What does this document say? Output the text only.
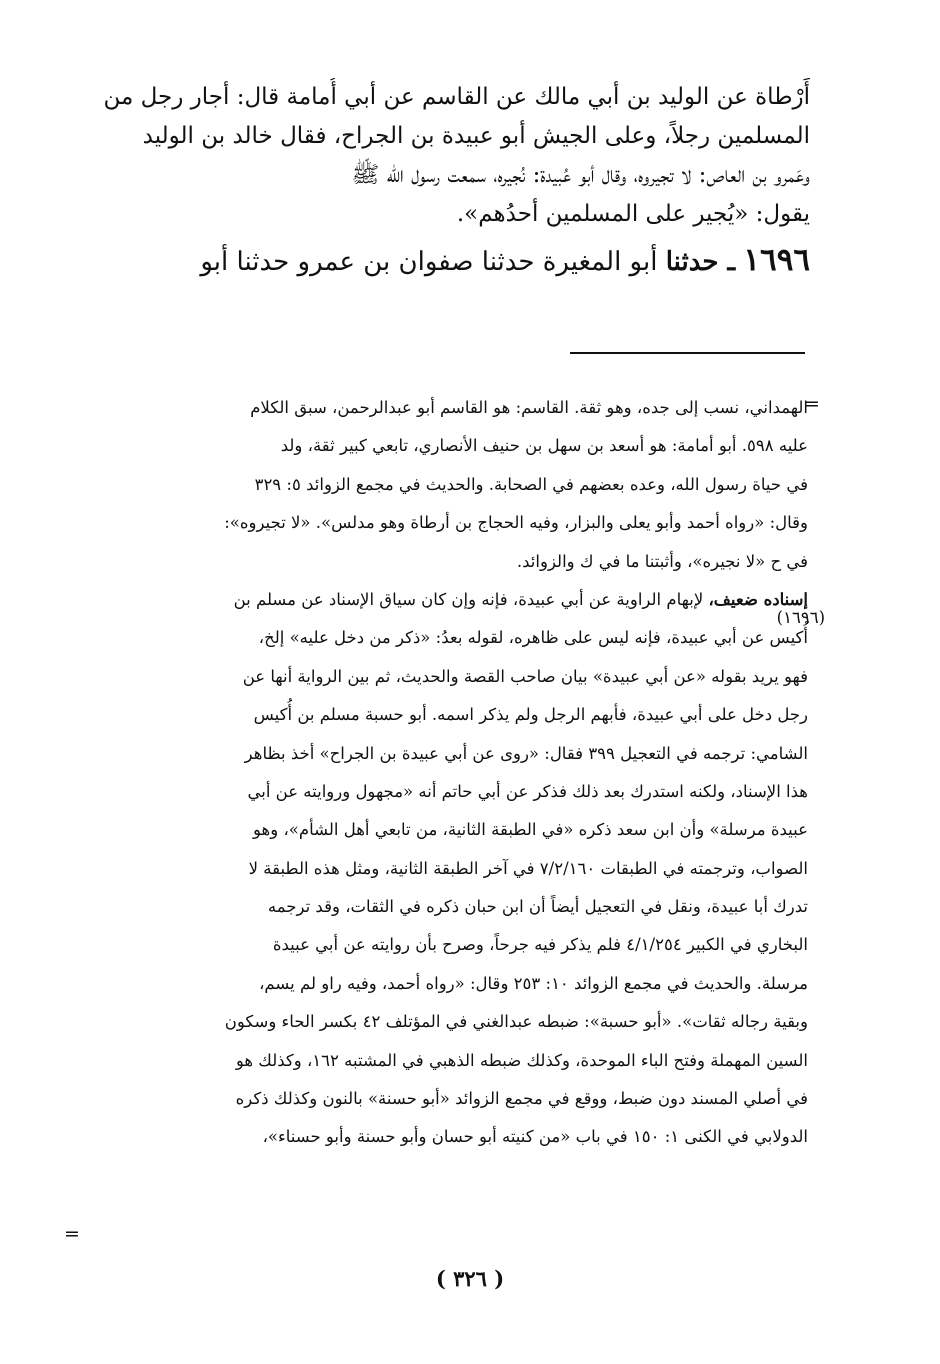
أَرْطاة عن الوليد بن أبي مالك عن القاسم عن أبي أُمامة قال: أجار رجل من
المسلمين رجلاً، وعلى الجيش أبو عبيدة بن الجراح، فقال خالد بن الوليد
وعَمرو بن العاص: لا تجيروه، وقال أبو عُبيدة: نُجيره، سمعت رسول الله ﷺ
يقول: «يُجير على المسلمين أحدُهم».
١٦٩٦ ـ حدثنا أبو المغيرة حدثنا صفوان بن عمرو حدثنا أبو
=
الهمداني، نسب إلى جده، وهو ثقة. القاسم: هو القاسم أبو عبدالرحمن، سبق الكلام
عليه ٥٩٨. أبو أمامة: هو أسعد بن سهل بن حنيف الأنصاري، تابعي كبير ثقة، ولد
في حياة رسول الله، وعده بعضهم في الصحابة. والحديث في مجمع الزوائد ٥: ٣٢٩
وقال: «رواه أحمد وأبو يعلى والبزار، وفيه الحجاج بن أرطاة وهو مدلس». «لا تجيروه»:
في ح «لا نجيره»، وأثبتنا ما في ك والزوائد.
إسناده ضعيف، لإبهام الراوية عن أبي عبيدة، فإنه وإن كان سياق الإسناد عن مسلم بن
أُكيس عن أبي عبيدة، فإنه ليس على ظاهره، لقوله بعدُ: «ذكر من دخل عليه» إلخ،
فهو يريد بقوله «عن أبي عبيدة» بيان صاحب القصة والحديث، ثم بين الرواية أنها عن
رجل دخل على أبي عبيدة، فأبهم الرجل ولم يذكر اسمه. أبو حسبة مسلم بن أُكيس
الشامي: ترجمه في التعجيل ٣٩٩ فقال: «روى عن أبي عبيدة بن الجراح» أخذ بظاهر
هذا الإسناد، ولكنه استدرك بعد ذلك فذكر عن أبي حاتم أنه «مجهول وروايته عن أبي
عبيدة مرسلة» وأن ابن سعد ذكره «في الطبقة الثانية، من تابعي أهل الشأم»، وهو
الصواب، وترجمته في الطبقات ٧/٢/١٦٠ في آخر الطبقة الثانية، ومثل هذه الطبقة لا
تدرك أبا عبيدة، ونقل في التعجيل أيضاً أن ابن حبان ذكره في الثقات، وقد ترجمه
البخاري في الكبير ٤/١/٢٥٤ فلم يذكر فيه جرحاً، وصرح بأن روايته عن أبي عبيدة
مرسلة. والحديث في مجمع الزوائد ١٠: ٢٥٣ وقال: «رواه أحمد، وفيه راو لم يسم،
وبقية رجاله ثقات». «أبو حسبة»: ضبطه عبدالغني في المؤتلف ٤٢ بكسر الحاء وسكون
السين المهملة وفتح الباء الموحدة، وكذلك ضبطه الذهبي في المشتبه ١٦٢، وكذلك هو
في أصلي المسند دون ضبط، ووقع في مجمع الزوائد «أبو حسنة» بالنون وكذلك ذكره
الدولابي في الكنى ١: ١٥٠ في باب «من كنيته أبو حسان وأبو حسنة وأبو حسناء»،
(١٦٩٦)
=
( ٣٢٦ )
